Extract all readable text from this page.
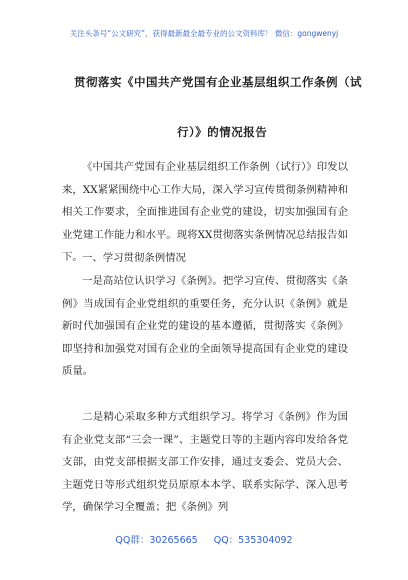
关注头条号“公文研究”，获得最新最全最专业的公文资料库！ 微信：gongwenyj
贯彻落实《中国共产党国有企业基层组织工作条例（试
行）》的情况报告

《中国共产党国有企业基层组织工作条例（试行）》印发以来，XX紧紧围绕中心工作大局，深入学习宣传贯彻条例精神和相关工作要求，全面推进国有企业党的建设，切实加强国有企业党建工作能力和水平。现将XX贯彻落实条例情况总结报告如下。 一、学习贯彻条例情况

一是高站位认识学习《条例》。把学习宣传、贯彻落实《条例》当成国有企业党组织的重要任务，充分认识《条例》就是新时代加强国有企业党的建设的基本遵循，贯彻落实《条例》即坚持和加强党对国有企业的全面领导提高国有企业党的建设质量。

二是精心采取多种方式组织学习。将学习《条例》作为国有企业党支部“三会一课”、主题党日等的主题内容印发给各党支部，由党支部根据支部工作安排，通过支委会、党员大会、主题党日等形式组织党员原原本本学、联系实际学、深入思考学，确保学习全覆盖；把《条例》列

QQ群：30265665 QQ：535304092
